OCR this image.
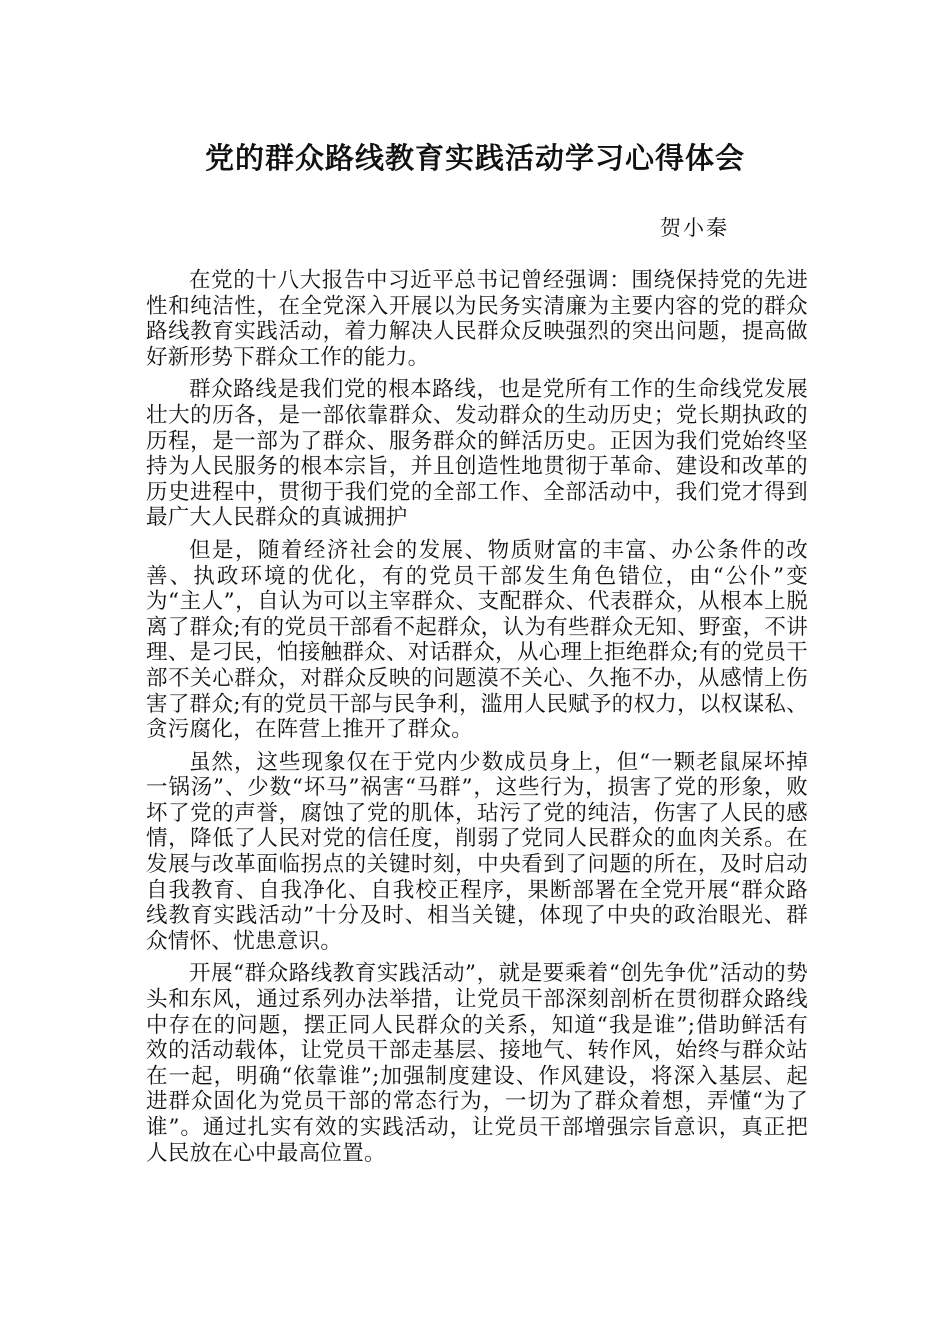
党的群众路线教育实践活动学习心得体会

贺小秦

在党的十八大报告中习近平总书记曾经强调：围绕保持党的先进性和纯洁性，在全党深入开展以为民务实清廉为主要内容的党的群众路线教育实践活动，着力解决人民群众反映强烈的突出问题，提高做好新形势下群众工作的能力。

群众路线是我们党的根本路线，也是党所有工作的生命线党发展壮大的历各，是一部依靠群众、发动群众的生动历史；党长期执政的历程，是一部为了群众、服务群众的鲜活历史。正因为我们党始终坚持为人民服务的根本宗旨，并且创造性地贯彻于革命、建设和改革的历史进程中，贯彻于我们党的全部工作、全部活动中，我们党才得到最广大人民群众的真诚拥护

但是，随着经济社会的发展、物质财富的丰富、办公条件的改善、执政环境的优化，有的党员干部发生角色错位，由“公仆”变为“主人”，自认为可以主宰群众、支配群众、代表群众，从根本上脱离了群众;有的党员干部看不起群众，认为有些群众无知、野蛮，不讲理、是刁民，怕接触群众、对话群众，从心理上拒绝群众;有的党员干部不关心群众，对群众反映的问题漠不关心、久拖不办，从感情上伤害了群众;有的党员干部与民争利，滥用人民赋予的权力，以权谋私、贪污腐化，在阵营上推开了群众。

虽然，这些现象仅在于党内少数成员身上，但“一颗老鼠屎坏掉一锅汤”、少数“坏马”祸害“马群”，这些行为，损害了党的形象，败坏了党的声誉，腐蚀了党的肌体，玷污了党的纯洁，伤害了人民的感情，降低了人民对党的信任度，削弱了党同人民群众的血肉关系。在发展与改革面临拐点的关键时刻，中央看到了问题的所在，及时启动自我教育、自我净化、自我校正程序，果断部署在全党开展“群众路线教育实践活动”十分及时、相当关键，体现了中央的政治眼光、群众情怀、忧患意识。

开展“群众路线教育实践活动”，就是要乘着“创先争优”活动的势头和东风，通过系列办法举措，让党员干部深刻剖析在贯彻群众路线中存在的问题，摆正同人民群众的关系，知道“我是谁”;借助鲜活有效的活动载体，让党员干部走基层、接地气、转作风，始终与群众站在一起，明确“依靠谁”;加强制度建设、作风建设，将深入基层、起进群众固化为党员干部的常态行为，一切为了群众着想，弄懂“为了谁”。通过扎实有效的实践活动，让党员干部增强宗旨意识，真正把人民放在心中最高位置。
